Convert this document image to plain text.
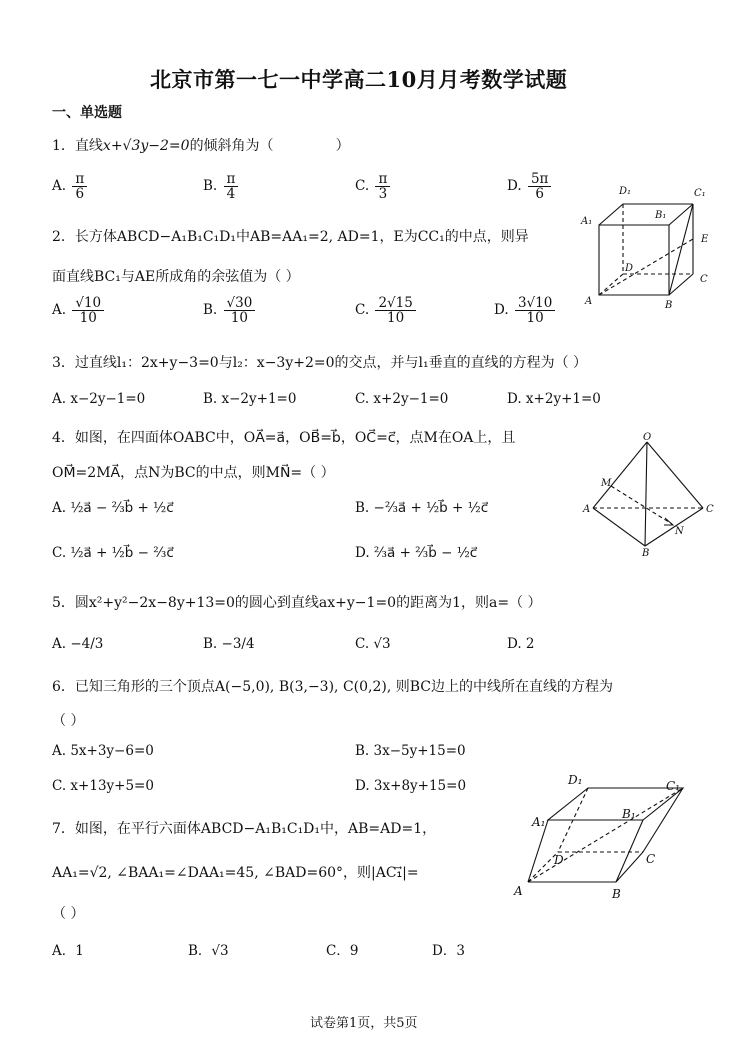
北京市第一七一中学高二10月月考数学试题
一、单选题
1．直线x+√3y−2=0的倾斜角为（	）
A. $\frac{\pi}{6}$	B. $\frac{\pi}{4}$	C. $\frac{\pi}{3}$	D. $\frac{5\pi}{6}$
2．长方体ABCD−A₁B₁C₁D₁中AB=AA₁=2, AD=1，E为CC₁的中点，则异
面直线BC₁与AE所成角的余弦值为（ ）
A. $\frac{√10}{10}$	B. $\frac{√30}{10}$	C. $\frac{2√15}{10}$	D. $\frac{3√10}{10}$
3．过直线l₁：2x+y−3=0与l₂：x−3y+2=0的交点，并与l₁垂直的直线的方程为（ ）
A. x−2y−1=0	B. x−2y+1=0	C. x+2y−1=0	D. x+2y+1=0
4．如图，在四面体OABC中，OA⃗=a⃗，OB⃗=b⃗，OC⃗=c⃗，点M在OA上，且
OM⃗=2MA⃗，点N为BC的中点，则MN⃗=（ ）
A. ½a⃗ − ⅔b⃗ + ½c⃗	B. −⅔a⃗ + ½b⃗ + ½c⃗
C. ½a⃗ + ½b⃗ − ⅔c⃗	D. ⅔a⃗ + ⅔b⃗ − ½c⃗
5．圆x²+y²−2x−8y+13=0的圆心到直线ax+y−1=0的距离为1，则a=（ ）
A. −4/3	B. −3/4	C. √3	D. 2
6．已知三角形的三个顶点A(−5,0), B(3,−3), C(0,2), 则BC边上的中线所在直线的方程为
（ ）
A. 5x+3y−6=0	B. 3x−5y+15=0
C. x+13y+5=0	D. 3x+8y+15=0
7．如图，在平行六面体ABCD−A₁B₁C₁D₁中，AB=AD=1，
AA₁=√2, ∠BAA₁=∠DAA₁=45, ∠BAD=60°，则|AC₁⃗|=
（ ）
A．1	B．√3	C．9	D．3
D₁	C₁
A₁
B₁
E
D
C
A	B
O
M
A	C
N
B
D₁	C₁
A₁
B₁
D	C
A	B
试卷第1页，共5页
